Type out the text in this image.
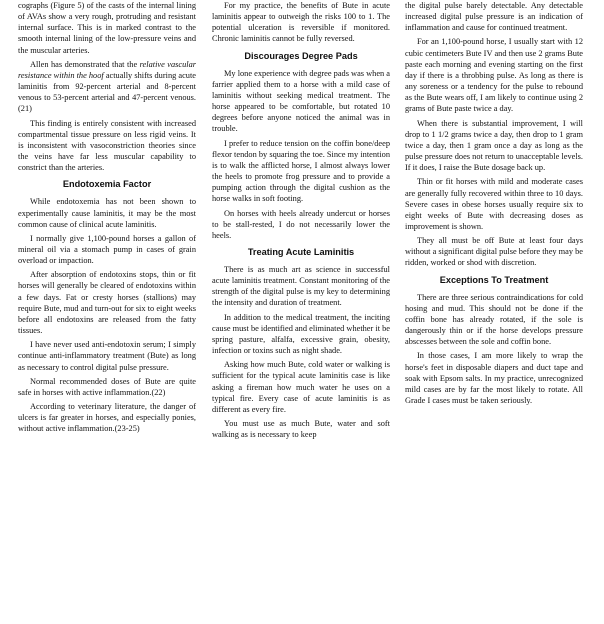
cographs (Figure 5) of the casts of the internal lining of AVAs show a very rough, protruding and resistant internal surface. This is in marked contrast to the smooth internal lining of the low-pressure veins and the muscular arteries.

Allen has demonstrated that the relative vascular resistance within the hoof actually shifts during acute laminitis from 92-percent arterial and 8-percent venous to 53-percent arterial and 47-percent venous.(21)

This finding is entirely consistent with increased compartmental tissue pressure on less rigid veins. It is inconsistent with vasoconstriction theories since the veins have far less muscular capability to constrict than the arteries.

Endotoxemia Factor

While endotoxemia has not been shown to experimentally cause laminitis, it may be the most common cause of clinical acute laminitis.

I normally give 1,100-pound horses a gallon of mineral oil via a stomach pump in cases of grain overload or impaction.

After absorption of endotoxins stops, thin or fit horses will generally be cleared of endotoxins within a few days. Fat or cresty horses (stallions) may require Bute, mud and turn-out for six to eight weeks before all endotoxins are released from the fatty tissues.

I have never used anti-endotoxin serum; I simply continue anti-inflammatory treatment (Bute) as long as necessary to control digital pulse pressure.

Normal recommended doses of Bute are quite safe in horses with active inflammation.(22)

According to veterinary literature, the danger of ulcers is far greater in horses, and especially ponies, without active inflammation.(23-25)

For my practice, the benefits of Bute in acute laminitis appear to outweigh the risks 100 to 1. The potential ulceration is reversible if monitored. Chronic laminitis cannot be fully reversed.

Discourages Degree Pads

My lone experience with degree pads was when a farrier applied them to a horse with a mild case of laminitis without seeking medical treatment. The horse appeared to be comfortable, but rotated 10 degrees before anyone noticed the animal was in trouble.

I prefer to reduce tension on the coffin bone/deep flexor tendon by squaring the toe. Since my intention is to walk the afflicted horse, I almost always lower the heels to promote frog pressure and to provide a pumping action through the digital cushion as the horse walks in soft footing.

On horses with heels already undercut or horses to be stall-rested, I do not necessarily lower the heels.

Treating Acute Laminitis

There is as much art as science in successful acute laminitis treatment. Constant monitoring of the strength of the digital pulse is my key to determining the intensity and duration of treatment.

In addition to the medical treatment, the inciting cause must be identified and eliminated whether it be spring pasture, alfalfa, excessive grain, obesity, infection or toxins such as night shade.

Asking how much Bute, cold water or walking is sufficient for the typical acute laminitis case is like asking a fireman how much water he uses on a typical fire. Every case of acute laminitis is as different as every fire.

You must use as much Bute, water and soft walking as is necessary to keep

the digital pulse barely detectable. Any detectable increased digital pulse pressure is an indication of inflammation and cause for continued treatment.

For an 1,100-pound horse, I usually start with 12 cubic centimeters Bute IV and then use 2 grams Bute paste each morning and evening starting on the first day if there is a throbbing pulse. As long as there is any soreness or a tendency for the pulse to rebound as the Bute wears off, I am likely to continue using 2 grams of Bute paste twice a day.

When there is substantial improvement, I will drop to 1 1/2 grams twice a day, then drop to 1 gram twice a day, then 1 gram once a day as long as the pulse pressure does not return to unacceptable levels. If it does, I raise the Bute dosage back up.

Thin or fit horses with mild and moderate cases are generally fully recovered within three to 10 days. Severe cases in obese horses usually require six to eight weeks of Bute with decreasing doses as improvement is shown.

They all must be off Bute at least four days without a significant digital pulse before they may be ridden, worked or shod with discretion.

Exceptions To Treatment

There are three serious contraindications for cold hosing and mud. This should not be done if the coffin bone has already rotated, if the sole is dangerously thin or if the horse develops pressure abscesses between the sole and coffin bone.

In those cases, I am more likely to wrap the horse's feet in disposable diapers and duct tape and soak with Epsom salts. In my practice, unrecognized mild cases are by far the most likely to rotate. All Grade I cases must be taken seriously.
